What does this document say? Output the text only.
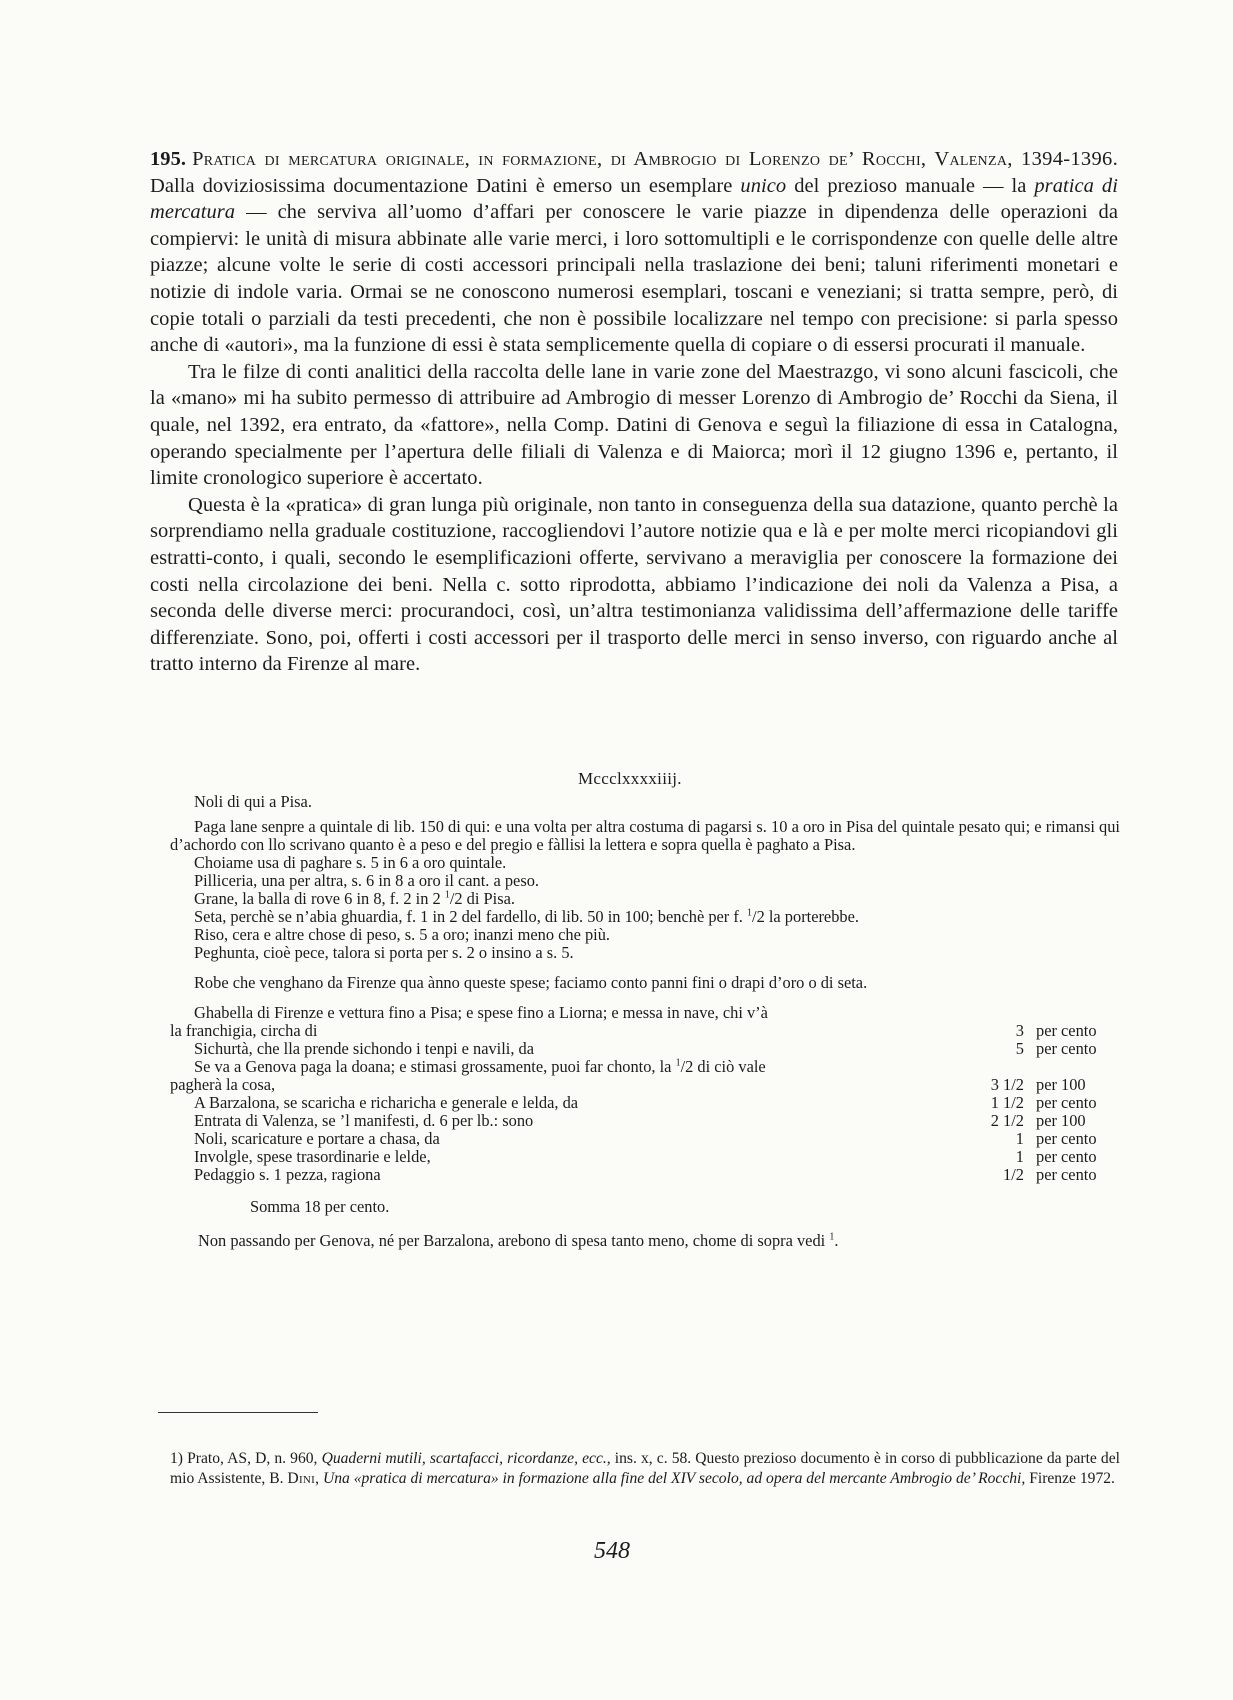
195. Pratica di mercatura originale, in formazione, di Ambrogio di Lorenzo de’ Rocchi, Valenza, 1394-1396. Dalla doviziosissima documentazione Datini è emerso un esemplare unico del prezioso manuale — la pratica di mercatura — che serviva all’uomo d’affari per conoscere le varie piazze in dipendenza delle operazioni da compiervi: le unità di misura abbinate alle varie merci, i loro sottomultipli e le corrispondenze con quelle delle altre piazze; alcune volte le serie di costi accessori principali nella traslazione dei beni; taluni riferimenti monetari e notizie di indole varia. Ormai se ne conoscono numerosi esemplari, toscani e veneziani; si tratta sempre, però, di copie totali o parziali da testi precedenti, che non è possibile localizzare nel tempo con precisione: si parla spesso anche di «autori», ma la funzione di essi è stata semplicemente quella di copiare o di essersi procurati il manuale.

Tra le filze di conti analitici della raccolta delle lane in varie zone del Maestrazgo, vi sono alcuni fascicoli, che la «mano» mi ha subito permesso di attribuire ad Ambrogio di messer Lorenzo di Ambrogio de’ Rocchi da Siena, il quale, nel 1392, era entrato, da «fattore», nella Comp. Datini di Genova e seguì la filiazione di essa in Catalogna, operando specialmente per l’apertura delle filiali di Valenza e di Maiorca; morì il 12 giugno 1396 e, pertanto, il limite cronologico superiore è accertato.

Questa è la «pratica» di gran lunga più originale, non tanto in conseguenza della sua datazione, quanto perchè la sorprendiamo nella graduale costituzione, raccogliendovi l’autore notizie qua e là e per molte merci ricopiandovi gli estratti-conto, i quali, secondo le esemplificazioni offerte, servivano a meraviglia per conoscere la formazione dei costi nella circolazione dei beni. Nella c. sotto riprodotta, abbiamo l’indicazione dei noli da Valenza a Pisa, a seconda delle diverse merci: procurandoci, così, un’altra testimonianza validissima dell’affermazione delle tariffe differenziate. Sono, poi, offerti i costi accessori per il trasporto delle merci in senso inverso, con riguardo anche al tratto interno da Firenze al mare.

Mccclxxxxiiij.
Noli di qui a Pisa.
Paga lane senpre a quintale di lib. 150 di qui: e una volta per altra costuma di pagarsi s. 10 a oro in Pisa del quintale pesato qui; e rimansi qui d’achordo con llo scrivano quanto è a peso e del pregio e fàllisi la lettera e sopra quella è paghato a Pisa.
Choiame usa di paghare s. 5 in 6 a oro quintale.
Pilliceria, una per altra, s. 6 in 8 a oro il cant. a peso.
Grane, la balla di rove 6 in 8, f. 2 in 2 $^1$/2 di Pisa.
Seta, perchè se n’abia ghuardia, f. 1 in 2 del fardello, di lib. 50 in 100; benchè per f. $^1$/2 la porterebbe.
Riso, cera e altre chose di peso, s. 5 a oro; inanzi meno che più.
Peghunta, cioè pece, talora si porta per s. 2 o insino a s. 5.
Robe che venghano da Firenze qua ànno queste spese; faciamo conto panni fini o drapi d’oro o di seta.
Ghabella di Firenze e vettura fino a Pisa; e spese fino a Liorna; e messa in nave, chi v’à
la franchigia, circha di	3 per cento
Sichurtà, che lla prende sichondo i tenpi e navili, da	5 per cento
Se va a Genova paga la doana; e stimasi grossamente, puoi far chonto, la $^1$/2 di ciò vale
pagherà la cosa,	3 1/2 per 100
A Barzalona, se scaricha e richaricha e generale e lelda, da	1 1/2 per cento
Entrata di Valenza, se ’l manifesti, d. 6 per lb.: sono	2 1/2 per 100
Noli, scaricature e portare a chasa, da	1 per cento
Involgle, spese trasordinarie e lelde,	1 per cento
Pedaggio s. 1 pezza, ragiona	1/2 per cento
Somma 18 per cento.
Non passando per Genova, né per Barzalona, arebono di spesa tanto meno, chome di sopra vedi $^1$.
1) Prato, AS, D, n. 960, Quaderni mutili, scartafacci, ricordanze, ecc., ins. x, c. 58. Questo prezioso documento è in corso di pubblicazione da parte del mio Assistente, B. Dini, Una «pratica di mercatura» in formazione alla fine del XIV secolo, ad opera del mercante Ambrogio de’ Rocchi, Firenze 1972.
548
